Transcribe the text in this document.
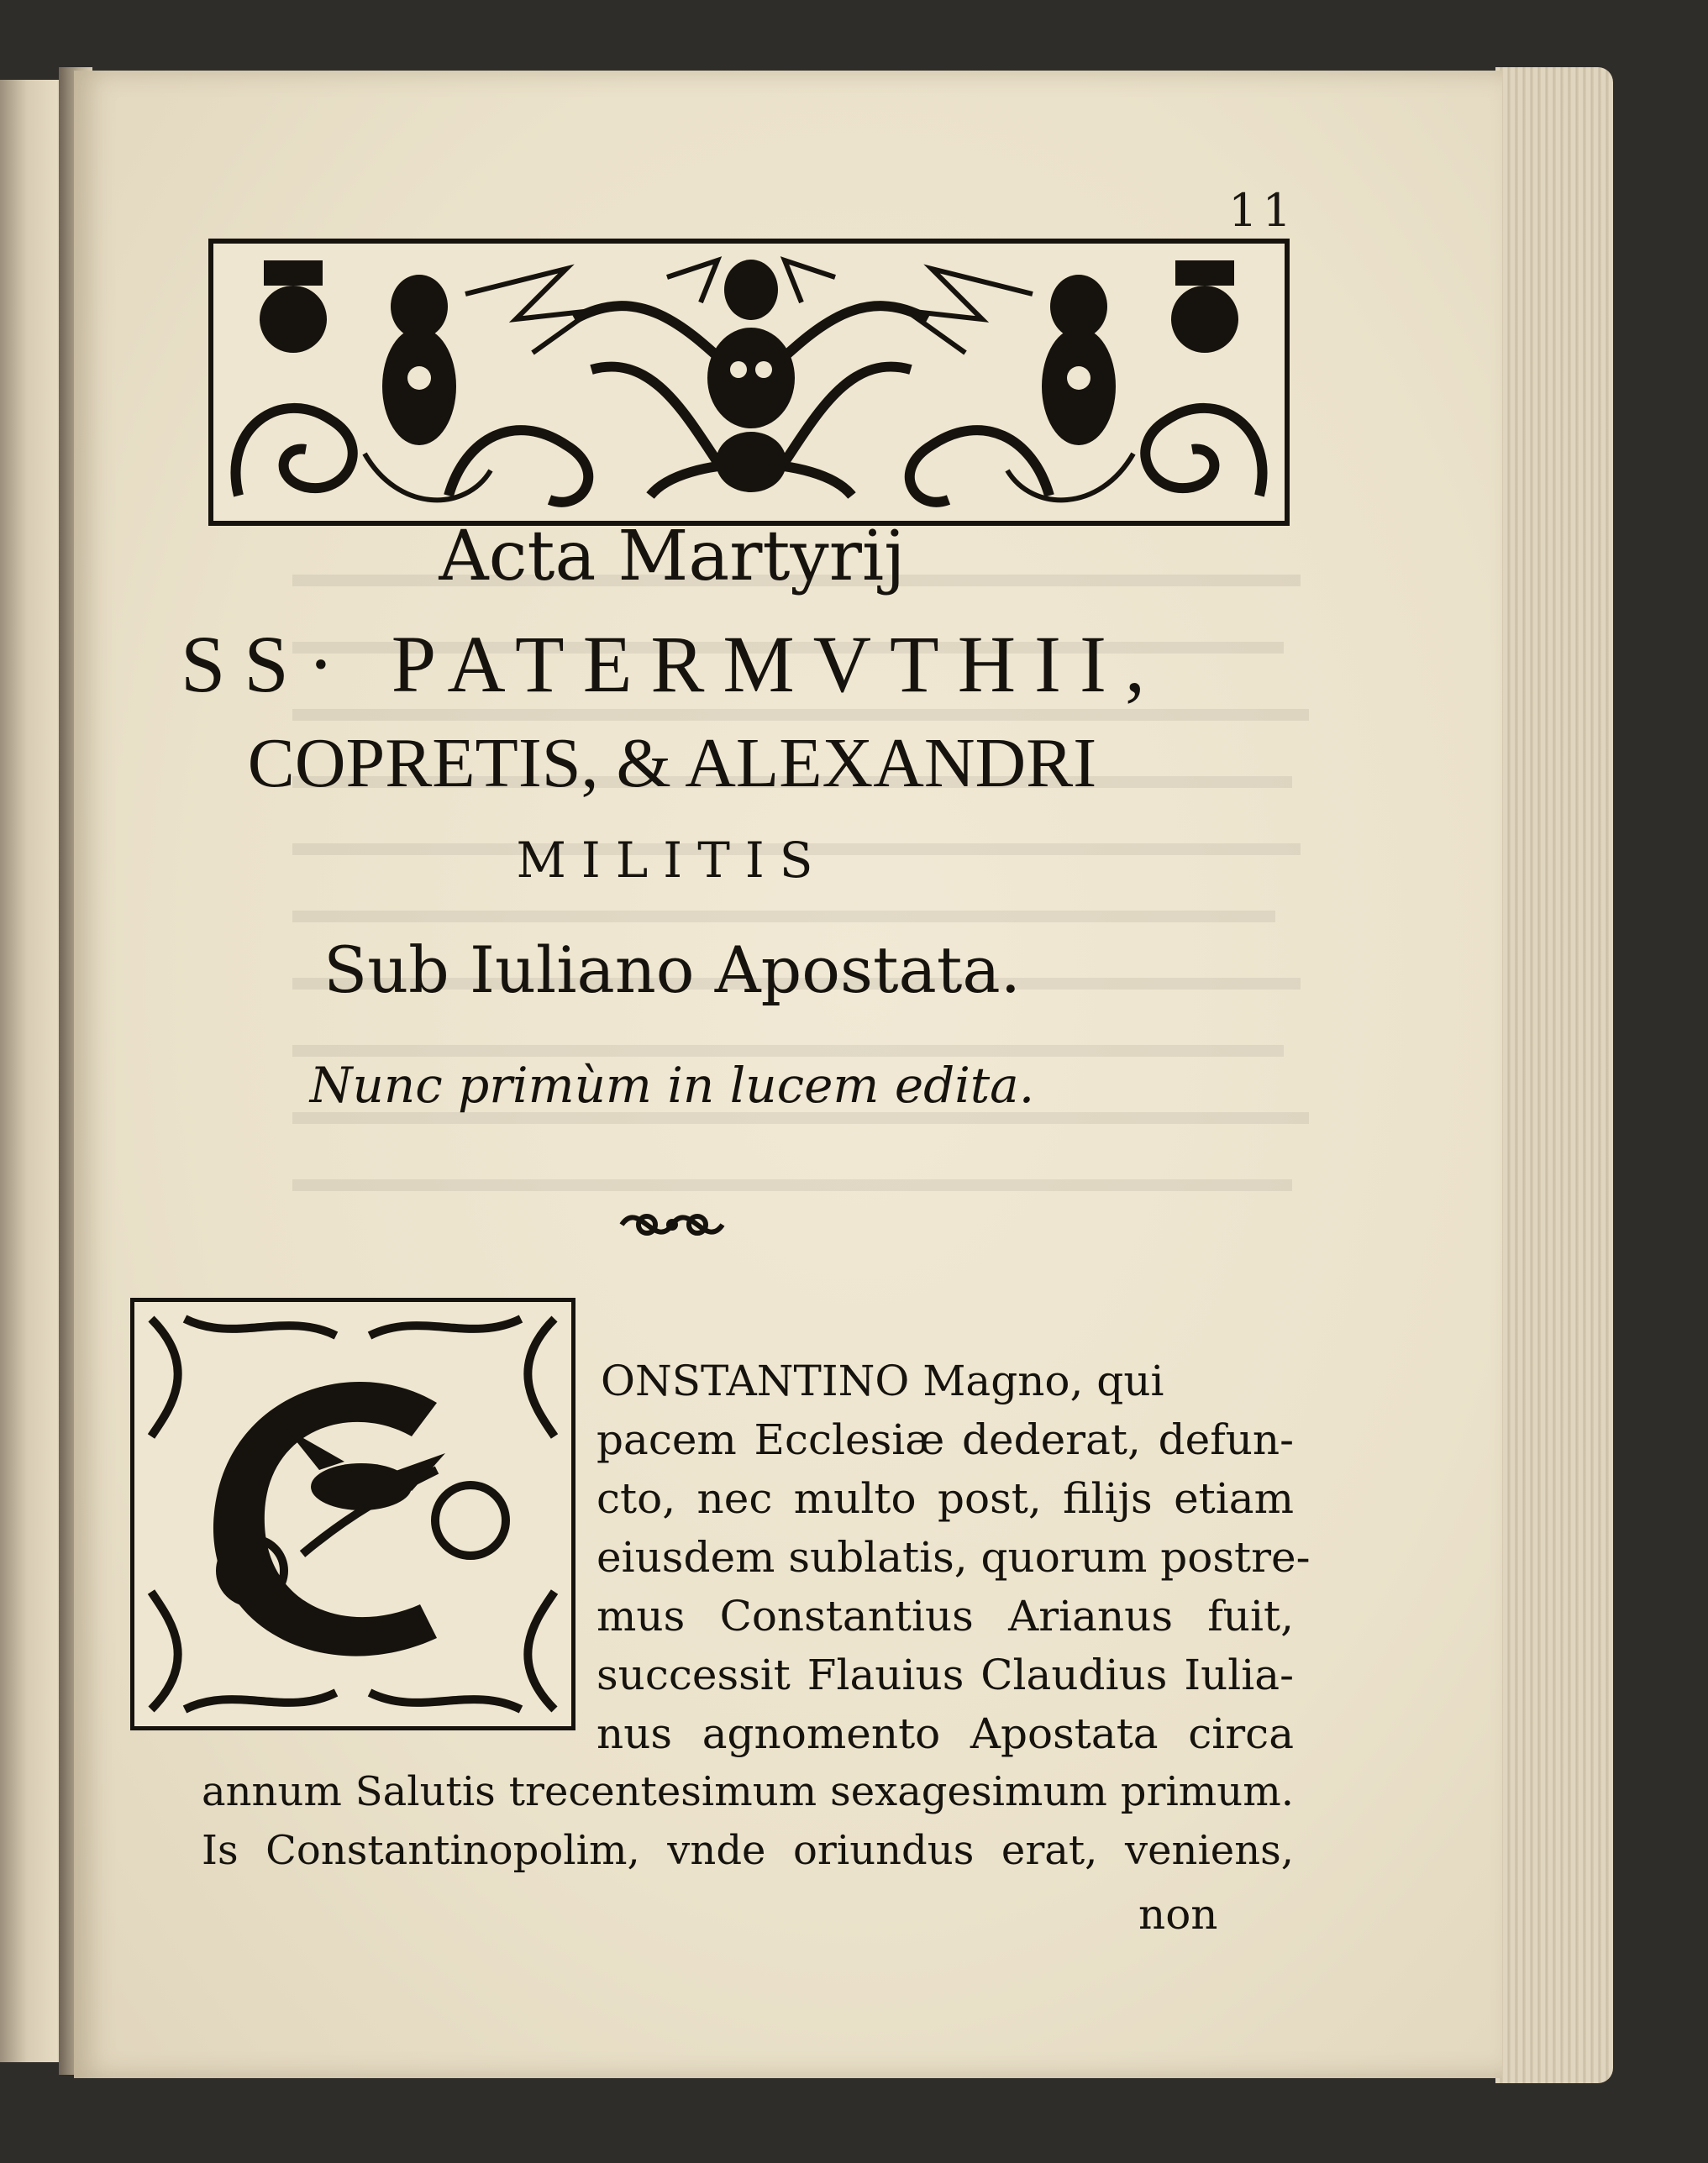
11
Acta Martyrij
SS· PATERMVTHII,
COPRETIS, & ALEXANDRI
MILITIS
Sub Iuliano Apostata.
Nunc primùm in lucem edita.
ONSTANTINO Magno, qui
pacem Ecclesiæ dederat, defun-
cto, nec multo post, filijs etiam
eiusdem sublatis, quorum postre-
mus Constantius Arianus fuit,
successit Flauius Claudius Iulia-
nus agnomento Apostata circa
annum Salutis trecentesimum sexagesimum primum.
Is Constantinopolim, vnde oriundus erat, veniens,
non
